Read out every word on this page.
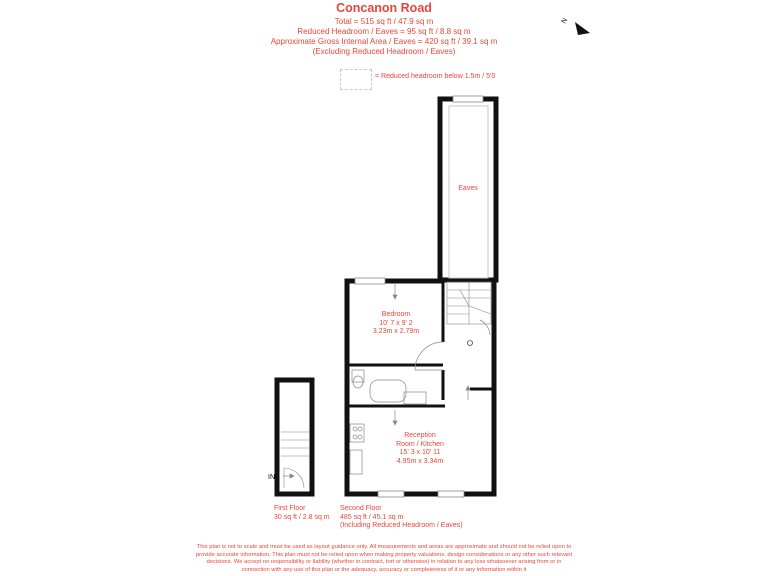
Concanon Road
Total = 515 sq ft / 47.9 sq m
Reduced Headroom / Eaves = 95 sq ft / 8.8 sq m
Approximate Gross Internal Area / Eaves = 420 sq ft / 39.1 sq m
(Excluding Reduced Headroom / Eaves)
= Reduced headroom below 1.5m / 5'0
N
IN
Eaves
Bedroom
10' 7 x 9' 2
3.23m x 2.79m
Reception
Room / Kitchen
15' 3 x 10' 11
4.95m x 3.34m
First Floor
30 sq ft / 2.8 sq m
Second Floor
485 sq ft / 45.1 sq m
(Including Reduced Headroom / Eaves)
This plan is not to scale and must be used as layout guidance only. All measurements and areas are approximate and should not be relied upon to
provide accurate information. This plan must not be relied upon when making property valuations, design considerations or any other such relevant
decisions. We accept no responsibility or liability (whether in contract, tort or otherwise) in relation to any loss whatsoever arising from or in
connection with any use of this plan or the adequacy, accuracy or completeness of it or any information within it
